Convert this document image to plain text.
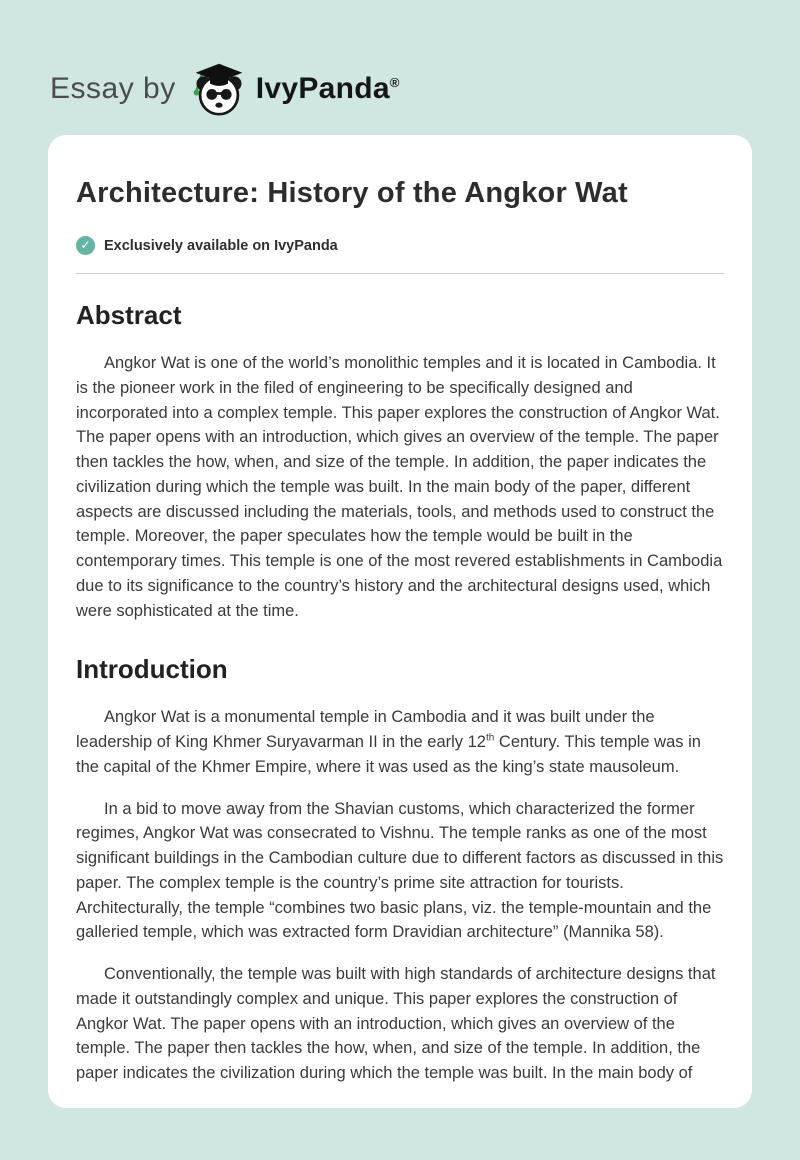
Essay by	IvyPanda®
Architecture: History of the Angkor Wat
✓ Exclusively available on IvyPanda
Abstract

Angkor Wat is one of the world’s monolithic temples and it is located in Cambodia. It is the pioneer work in the filed of engineering to be specifically designed and incorporated into a complex temple. This paper explores the construction of Angkor Wat. The paper opens with an introduction, which gives an overview of the temple. The paper then tackles the how, when, and size of the temple. In addition, the paper indicates the civilization during which the temple was built. In the main body of the paper, different aspects are discussed including the materials, tools, and methods used to construct the temple. Moreover, the paper speculates how the temple would be built in the contemporary times. This temple is one of the most revered establishments in Cambodia due to its significance to the country’s history and the architectural designs used, which were sophisticated at the time.

Introduction

Angkor Wat is a monumental temple in Cambodia and it was built under the leadership of King Khmer Suryavarman II in the early 12th Century. This temple was in the capital of the Khmer Empire, where it was used as the king’s state mausoleum.

In a bid to move away from the Shavian customs, which characterized the former regimes, Angkor Wat was consecrated to Vishnu. The temple ranks as one of the most significant buildings in the Cambodian culture due to different factors as discussed in this paper. The complex temple is the country’s prime site attraction for tourists. Architecturally, the temple “combines two basic plans, viz. the temple-mountain and the galleried temple, which was extracted form Dravidian architecture” (Mannika 58).

Conventionally, the temple was built with high standards of architecture designs that made it outstandingly complex and unique. This paper explores the construction of Angkor Wat. The paper opens with an introduction, which gives an overview of the temple. The paper then tackles the how, when, and size of the temple. In addition, the paper indicates the civilization during which the temple was built. In the main body of
